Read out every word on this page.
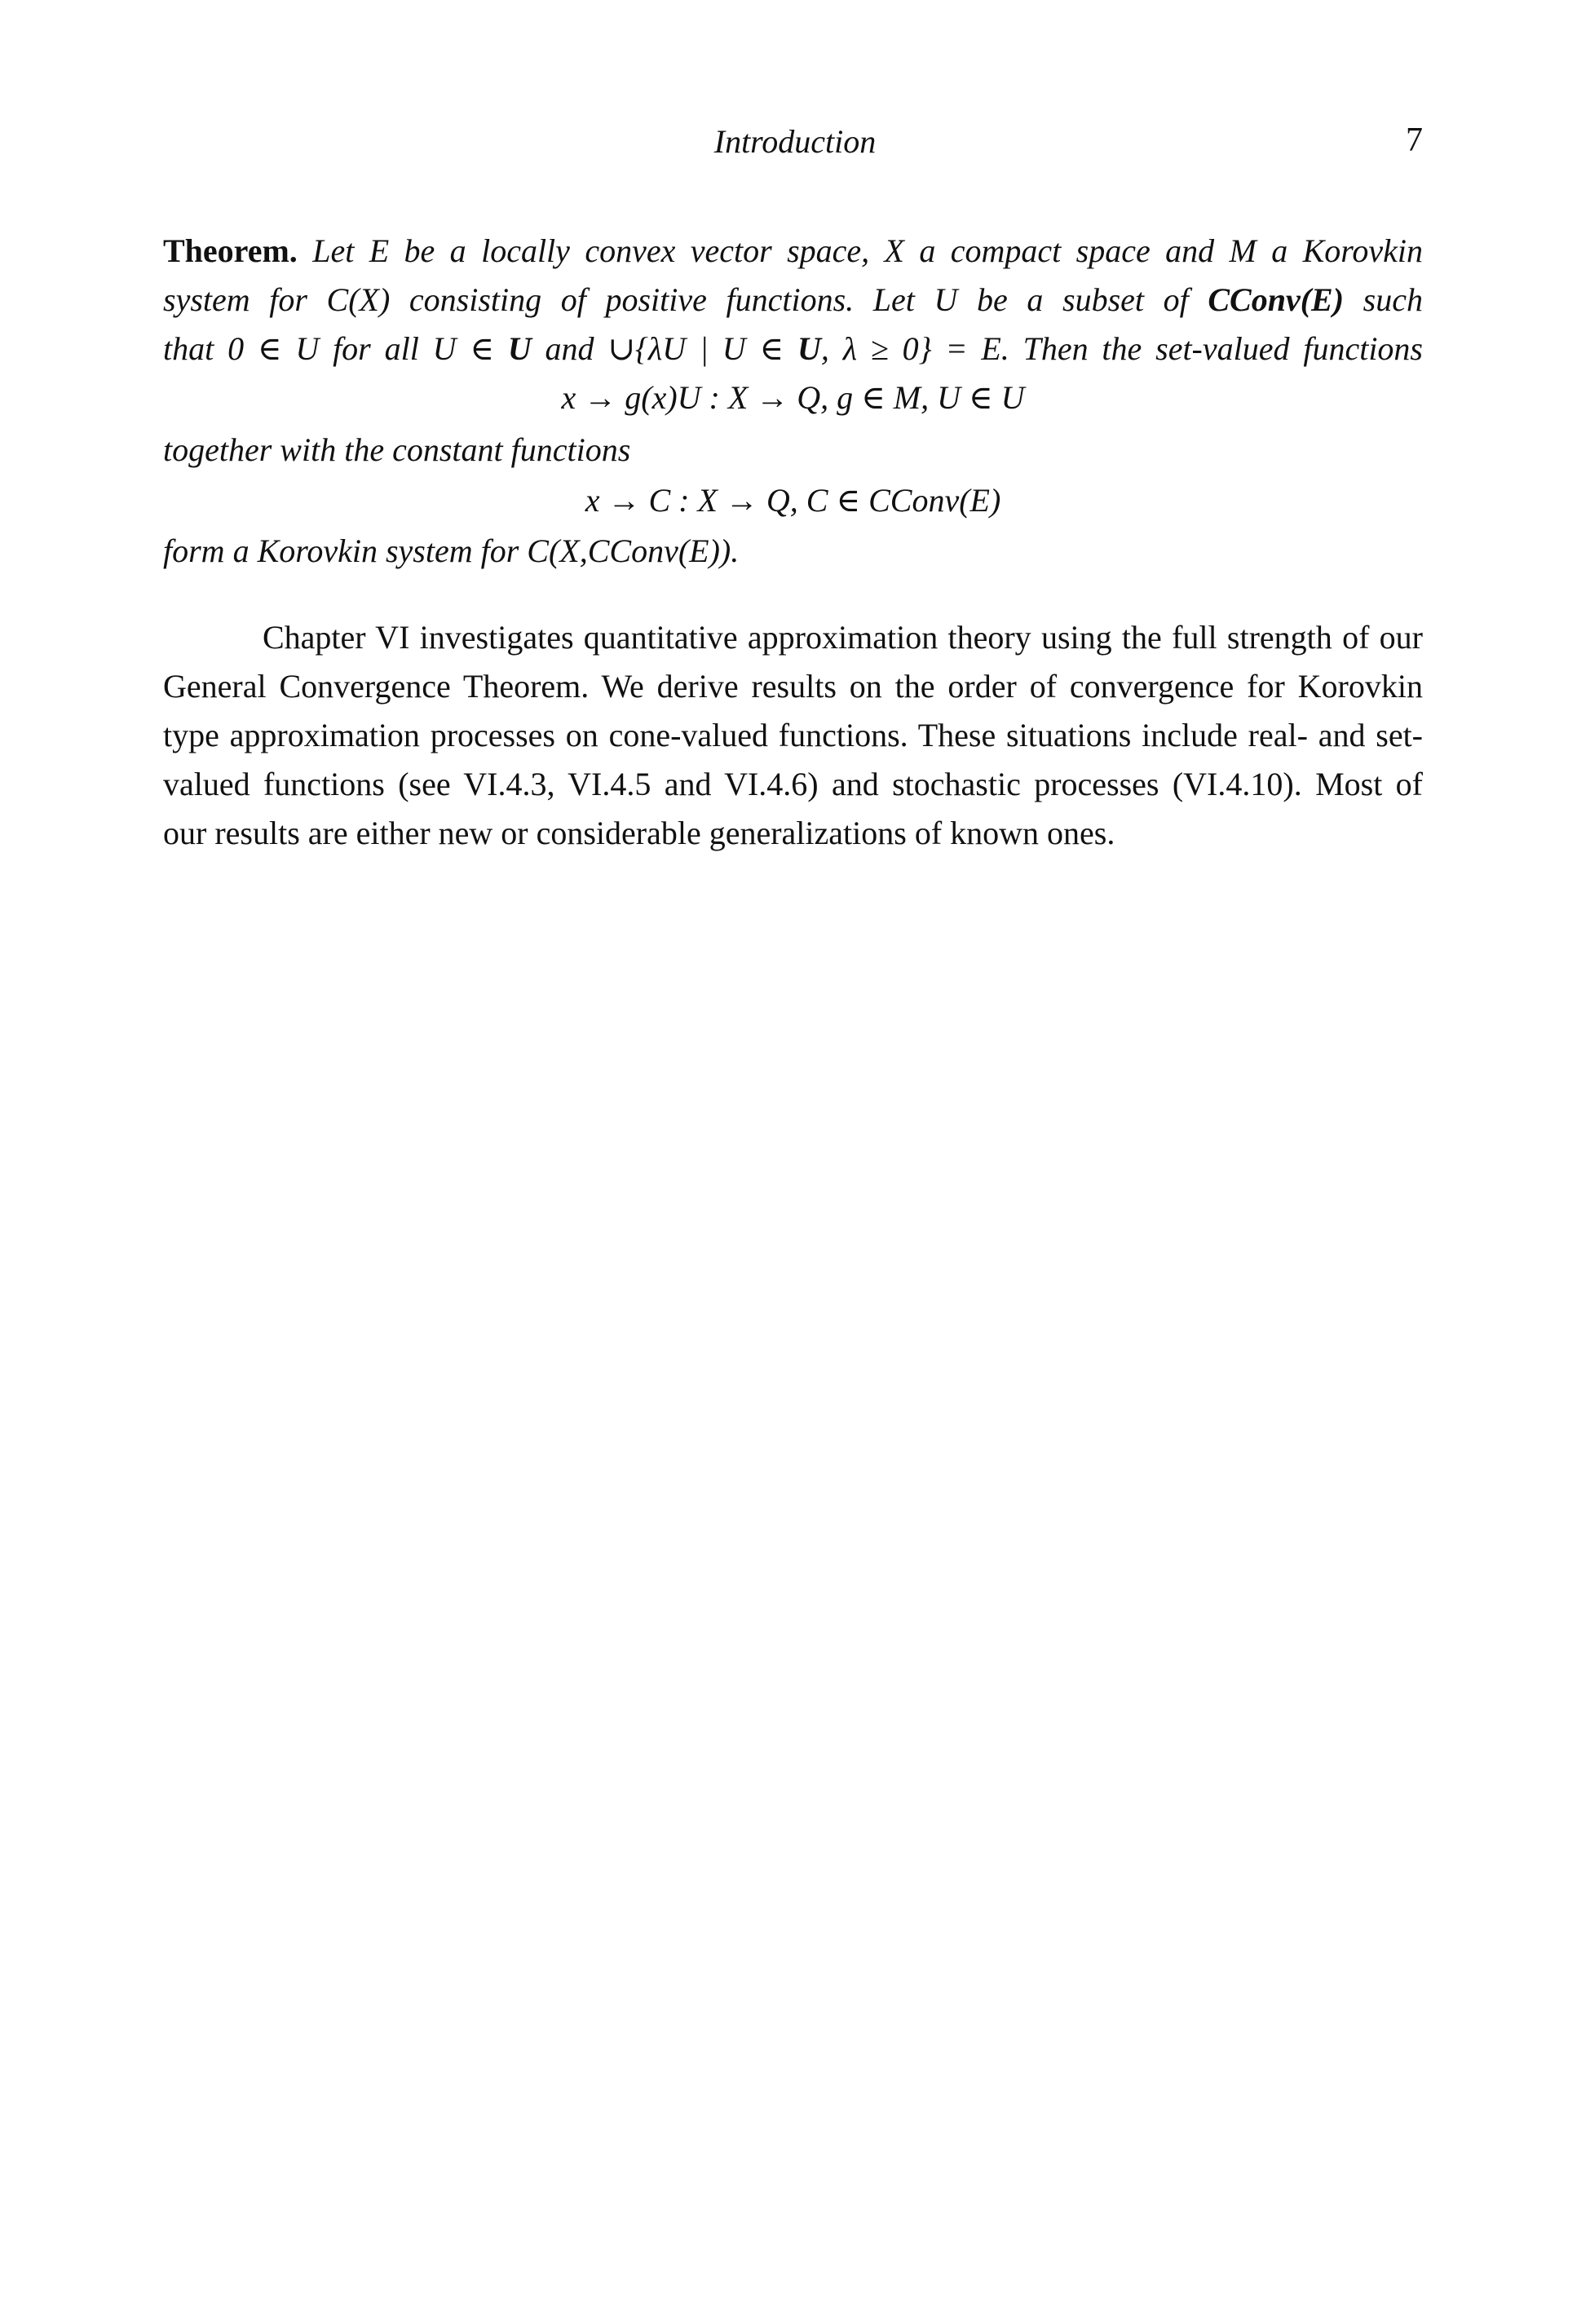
Introduction	7
Theorem. Let E be a locally convex vector space, X a compact space and M a Korovkin
system for C(X) consisting of positive functions. Let U be a subset of CConv(E) such
that 0 ∈ U for all U ∈ U and ∪{λU | U ∈ U, λ ≥ 0} = E. Then the set-valued functions
x → g(x)U : X → Q, g ∈ M, U ∈ U
together with the constant functions
x → C : X → Q, C ∈ CConv(E)
form a Korovkin system for C(X,CConv(E)).
Chapter VI investigates quantitative approximation theory using the full strength of our
General Convergence Theorem. We derive results on the order of convergence for Korovkin
type approximation processes on cone-valued functions. These situations include real- and set-
valued functions (see VI.4.3, VI.4.5 and VI.4.6) and stochastic processes (VI.4.10). Most of
our results are either new or considerable generalizations of known ones.
